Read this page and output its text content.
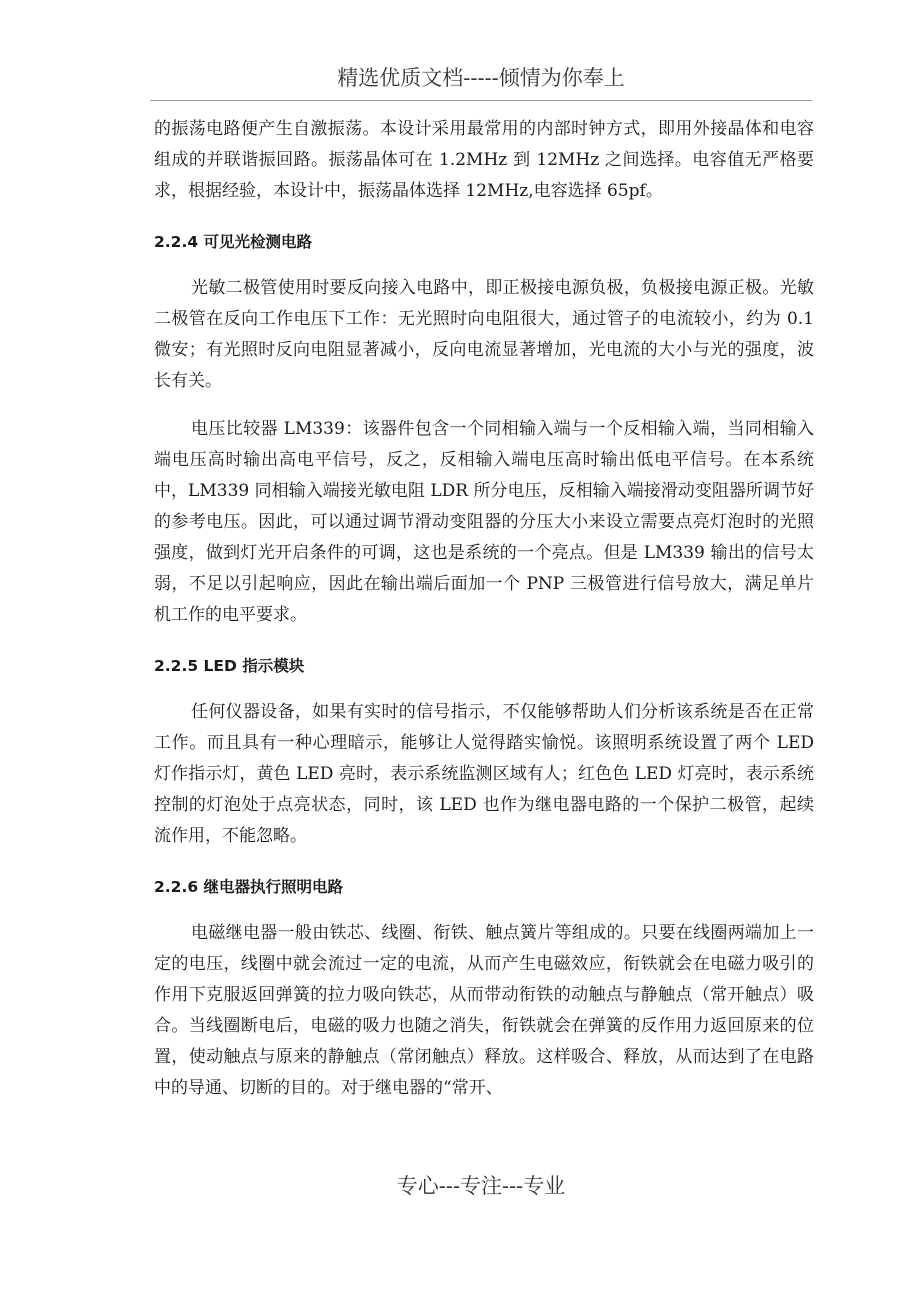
精选优质文档-----倾情为你奉上

的振荡电路便产生自激振荡。本设计采用最常用的内部时钟方式，即用外接晶体和电容组成的并联谐振回路。振荡晶体可在 1.2MHz 到 12MHz 之间选择。电容值无严格要求，根据经验，本设计中，振荡晶体选择 12MHz,电容选择 65pf。

2.2.4 可见光检测电路

光敏二极管使用时要反向接入电路中，即正极接电源负极，负极接电源正极。光敏二极管在反向工作电压下工作：无光照时向电阻很大，通过管子的电流较小，约为 0.1 微安；有光照时反向电阻显著减小，反向电流显著增加，光电流的大小与光的强度，波长有关。

电压比较器 LM339：该器件包含一个同相输入端与一个反相输入端，当同相输入端电压高时输出高电平信号，反之，反相输入端电压高时输出低电平信号。在本系统中，LM339 同相输入端接光敏电阻 LDR 所分电压，反相输入端接滑动变阻器所调节好的参考电压。因此，可以通过调节滑动变阻器的分压大小来设立需要点亮灯泡时的光照强度，做到灯光开启条件的可调，这也是系统的一个亮点。但是 LM339 输出的信号太弱，不足以引起响应，因此在输出端后面加一个 PNP 三极管进行信号放大，满足单片机工作的电平要求。

2.2.5 LED 指示模块

任何仪器设备，如果有实时的信号指示，不仅能够帮助人们分析该系统是否在正常工作。而且具有一种心理暗示，能够让人觉得踏实愉悦。该照明系统设置了两个 LED 灯作指示灯，黄色 LED 亮时，表示系统监测区域有人；红色色 LED 灯亮时，表示系统控制的灯泡处于点亮状态，同时，该 LED 也作为继电器电路的一个保护二极管，起续流作用，不能忽略。

2.2.6 继电器执行照明电路

电磁继电器一般由铁芯、线圈、衔铁、触点簧片等组成的。只要在线圈两端加上一定的电压，线圈中就会流过一定的电流，从而产生电磁效应，衔铁就会在电磁力吸引的作用下克服返回弹簧的拉力吸向铁芯，从而带动衔铁的动触点与静触点（常开触点）吸合。当线圈断电后，电磁的吸力也随之消失，衔铁就会在弹簧的反作用力返回原来的位置，使动触点与原来的静触点（常闭触点）释放。这样吸合、释放，从而达到了在电路中的导通、切断的目的。对于继电器的“常开、

专心---专注---专业
